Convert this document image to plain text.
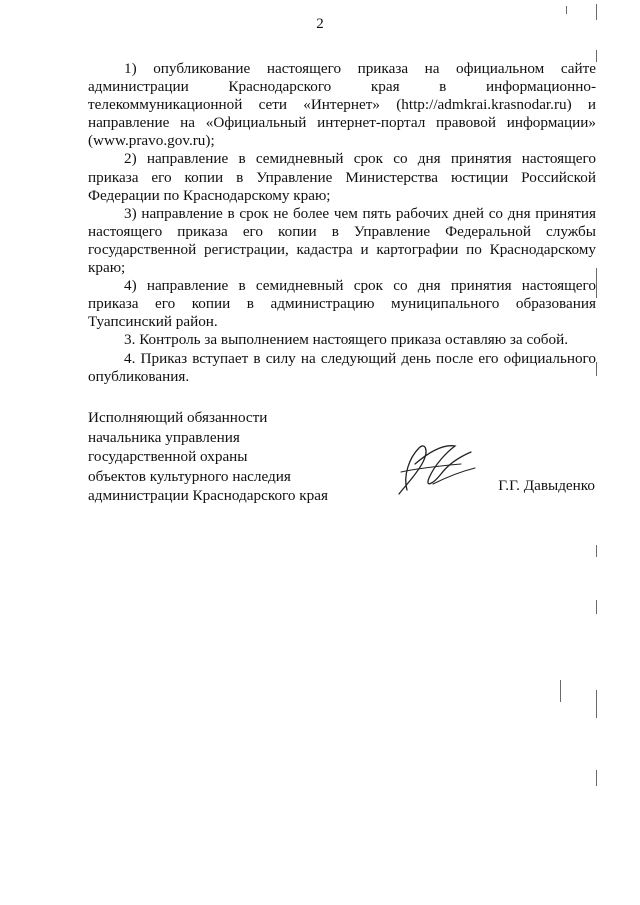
2

1) опубликование настоящего приказа на официальном сайте администрации Краснодарского края в информационно-телекоммуникационной сети «Интернет» (http://admkrai.krasnodar.ru) и направление на «Официальный интернет-портал правовой информации» (www.pravo.gov.ru);

2) направление в семидневный срок со дня принятия настоящего приказа его копии в Управление Министерства юстиции Российской Федерации по Краснодарскому краю;

3) направление в срок не более чем пять рабочих дней со дня принятия настоящего приказа его копии в Управление Федеральной службы государственной регистрации, кадастра и картографии по Краснодарскому краю;

4) направление в семидневный срок со дня принятия настоящего приказа его копии в администрацию муниципального образования Туапсинский район.

3. Контроль за выполнением настоящего приказа оставляю за собой.

4. Приказ вступает в силу на следующий день после его официального опубликования.

Исполняющий обязанности
начальника управления
государственной охраны
объектов культурного наследия
администрации Краснодарского края
Г.Г. Давыденко
